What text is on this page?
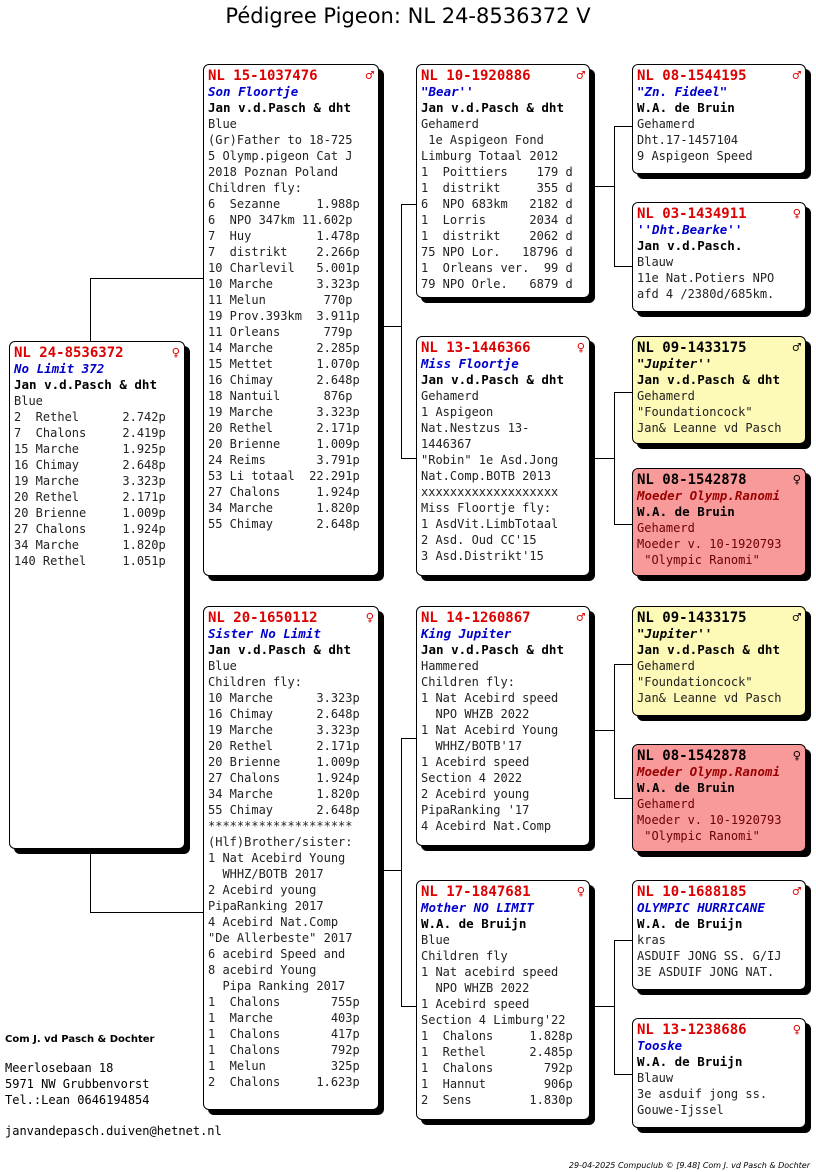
Pédigree Pigeon: NL 24-8536372 V
NL 24-8536372	♀
No Limit 372
Jan v.d.Pasch & dht
Blue
2  Rethel      2.742p
7  Chalons     2.419p
15 Marche      1.925p
16 Chimay      2.648p
19 Marche      3.323p
20 Rethel      2.171p
20 Brienne     1.009p
27 Chalons     1.924p
34 Marche      1.820p
140 Rethel     1.051p
NL 15-1037476	♂
Son Floortje
Jan v.d.Pasch & dht
Blue
(Gr)Father to 18-725
5 Olymp.pigeon Cat J
2018 Poznan Poland
Children fly:
6  Sezanne     1.988p
6  NPO 347km 11.602p
7  Huy         1.478p
7  distrikt    2.266p
10 Charlevil   5.001p
10 Marche      3.323p
11 Melun        770p
19 Prov.393km  3.911p
11 Orleans      779p
14 Marche      2.285p
15 Mettet      1.070p
16 Chimay      2.648p
18 Nantuil      876p
19 Marche      3.323p
20 Rethel      2.171p
20 Brienne     1.009p
24 Reims       3.791p
53 Li totaal  22.291p
27 Chalons     1.924p
34 Marche      1.820p
55 Chimay      2.648p
NL 20-1650112	♀
Sister No Limit
Jan v.d.Pasch & dht
Blue
Children fly:
10 Marche      3.323p
16 Chimay      2.648p
19 Marche      3.323p
20 Rethel      2.171p
20 Brienne     1.009p
27 Chalons     1.924p
34 Marche      1.820p
55 Chimay      2.648p
********************
(Hlf)Brother/sister:
1 Nat Acebird Young
WHHZ/BOTB 2017
2 Acebird young
PipaRanking 2017
4 Acebird Nat.Comp
"De Allerbeste" 2017
6 acebird Speed and
8 acebird Young
Pipa Ranking 2017
1  Chalons       755p
1  Marche        403p
1  Chalons       417p
1  Chalons       792p
1  Melun         325p
2  Chalons     1.623p
NL 10-1920886	♂
"Bear''
Jan v.d.Pasch & dht
Gehamerd
1e Aspigeon Fond
Limburg Totaal 2012
1  Poittiers    179 d
1  distrikt     355 d
6  NPO 683km   2182 d
1  Lorris      2034 d
1  distrikt    2062 d
75 NPO Lor.   18796 d
1  Orleans ver.  99 d
79 NPO Orle.   6879 d
NL 13-1446366	♀
Miss Floortje
Jan v.d.Pasch & dht
Gehamerd
1 Aspigeon
Nat.Nestzus 13-
1446367
"Robin" 1e Asd.Jong
Nat.Comp.BOTB 2013
xxxxxxxxxxxxxxxxxxx
Miss Floortje fly:
1 AsdVit.LimbTotaal
2 Asd. Oud CC'15
3 Asd.Distrikt'15
NL 14-1260867	♂
King Jupiter
Jan v.d.Pasch & dht
Hammered
Children fly:
1 Nat Acebird speed
NPO WHZB 2022
1 Nat Acebird Young
WHHZ/BOTB'17
1 Acebird speed
Section 4 2022
2 Acebird young
PipaRanking '17
4 Acebird Nat.Comp
NL 17-1847681	♀
Mother NO LIMIT
W.A. de Bruijn
Blue
Children fly
1 Nat acebird speed
NPO WHZB 2022
1 Acebird speed
Section 4 Limburg'22
1  Chalons     1.828p
1  Rethel      2.485p
1  Chalons       792p
1  Hannut        906p
2  Sens        1.830p
NL 08-1544195	♂
"Zn. Fideel"
W.A. de Bruin
Gehamerd
Dht.17-1457104
9 Aspigeon Speed
NL 03-1434911	♀
''Dht.Bearke''
Jan v.d.Pasch.
Blauw
11e Nat.Potiers NPO
afd 4 /2380d/685km.
NL 09-1433175	♂
"Jupiter''
Jan v.d.Pasch & dht
Gehamerd
"Foundationcock"
Jan& Leanne vd Pasch
NL 08-1542878	♀
Moeder Olymp.Ranomi
W.A. de Bruin
Gehamerd
Moeder v. 10-1920793
"Olympic Ranomi"
NL 09-1433175	♂
"Jupiter''
Jan v.d.Pasch & dht
Gehamerd
"Foundationcock"
Jan& Leanne vd Pasch
NL 08-1542878	♀
Moeder Olymp.Ranomi
W.A. de Bruin
Gehamerd
Moeder v. 10-1920793
"Olympic Ranomi"
NL 10-1688185	♂
OLYMPIC HURRICANE
W.A. de Bruijn
kras
ASDUIF JONG SS. G/IJ
3E ASDUIF JONG NAT.
NL 13-1238686	♀
Tooske
W.A. de Bruijn
Blauw
3e asduif jong ss.
Gouwe-Ijssel
Com J. vd Pasch & Dochter
Meerlosebaan 18
5971 NW Grubbenvorst
Tel.:Lean 0646194854
janvandepasch.duiven@hetnet.nl
29-04-2025 Compuclub © [9.48] Com J. vd Pasch & Dochter
